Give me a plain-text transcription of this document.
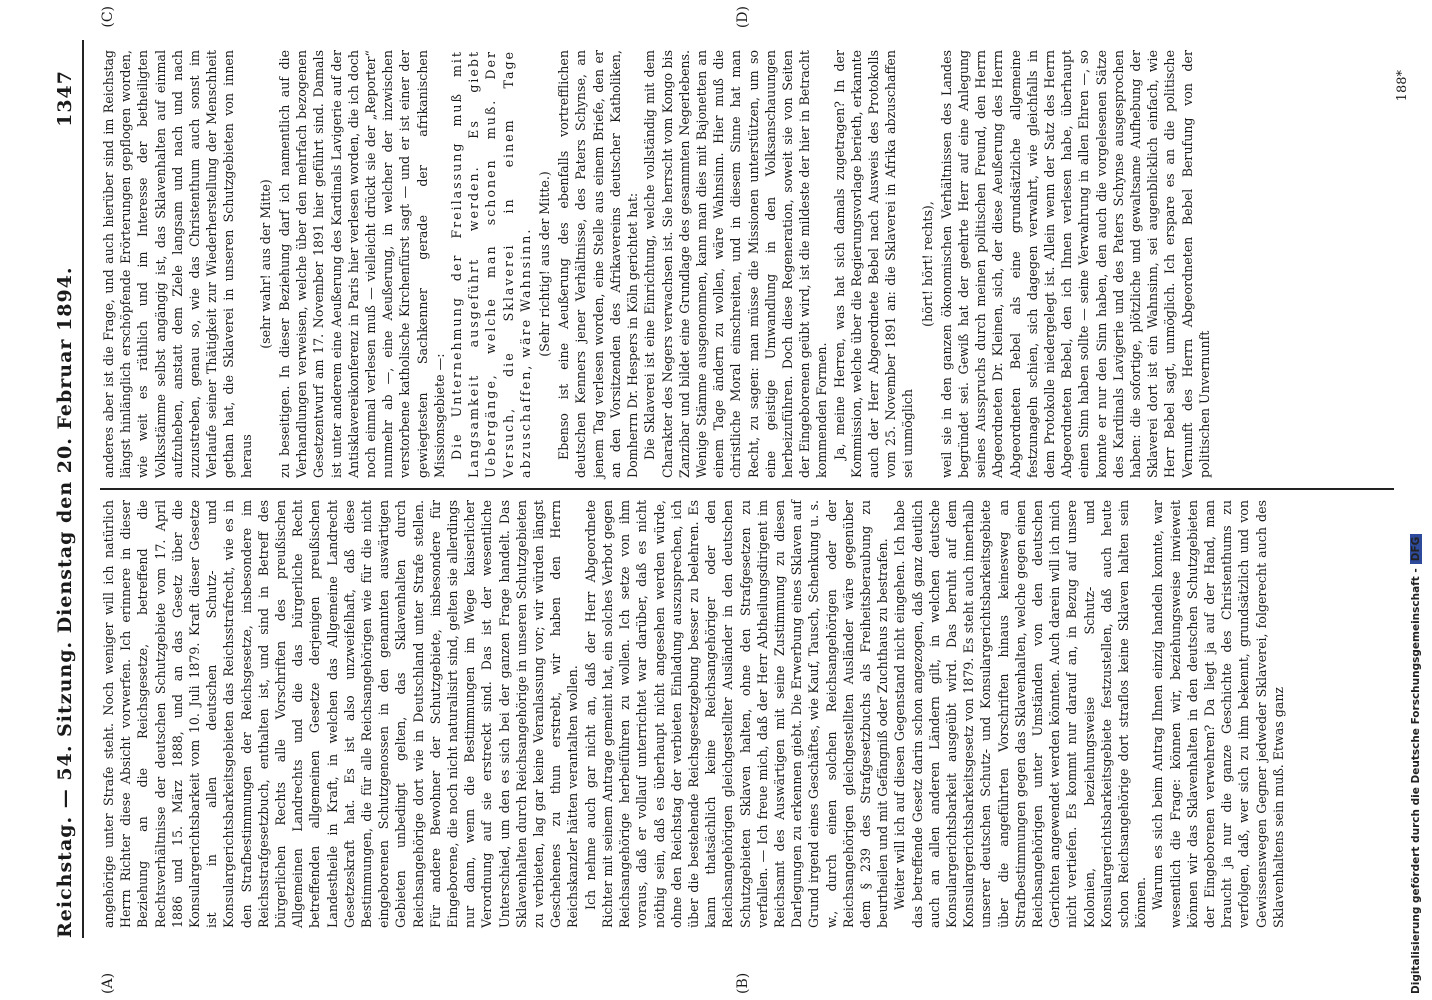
Reichstag. — 54. Sitzung. Dienstag den 20. Februar 1894.
1347
(A)	(B)
(C)	(D)

angehörige unter Strafe steht. Noch weniger will ich natürlich Herrn Richter diese Absicht vorwerfen. Ich erinnere in dieser Beziehung an die Reichsgesetze, betreffend die Rechtsverhältnisse der deutschen Schutzgebiete vom 17. April 1886 und 15. März 1888, und an das Gesetz über die Konsulargerichtsbarkeit vom 10. Juli 1879. Kraft dieser Gesetze ist in allen deutschen Schutz- und Konsulargerichtsbarkeitsgebieten das Reichsstrafrecht, wie es in den Strafbestimmungen der Reichsgesetze, insbesondere im Reichsstrafgesetzbuch, enthalten ist, und sind in Betreff des bürgerlichen Rechts alle Vorschriften des preußischen Allgemeinen Landrechts und die das bürgerliche Recht betreffenden allgemeinen Gesetze derjenigen preußischen Landestheile in Kraft, in welchen das Allgemeine Landrecht Gesetzeskraft hat. Es ist also unzweifelhaft, daß diese Bestimmungen, die für alle Reichsangehörigen wie für die nicht eingeborenen Schutzgenossen in den genannten auswärtigen Gebieten unbedingt gelten, das Sklavenhalten durch Reichsangehörige dort wie in Deutschland unter Strafe stellen. Für andere Bewohner der Schutzgebiete, insbesondere für Eingeborene, die noch nicht naturalisirt sind, gelten sie allerdings nur dann, wenn die Bestimmungen im Wege kaiserlicher Verordnung auf sie erstreckt sind. Das ist der wesentliche Unterschied, um den es sich bei der ganzen Frage handelt. Das Sklavenhalten durch Reichsangehörige in unseren Schutzgebieten zu verbieten, lag gar keine Veranlassung vor; wir würden längst Geschehenes zu thun erstrebt, wir haben den Herrn Reichskanzler hätten verantalten wollen. Ich nehme auch gar nicht an, daß der Herr Abgeordnete Richter mit seinem Antrage gemeint hat, ein solches Verbot gegen Reichsangehörige herbeiführen zu wollen. Ich setze von ihm voraus, daß er vollauf unterrichtet war darüber, daß es nicht nöthig sein, daß es überhaupt nicht angesehen werden würde, ohne den Reichstag der verbieten Einladung auszusprechen, ich über die bestehende Reichsgesetzgebung besser zu belehren. Es kann thatsächlich keine Reichsangehöriger oder den Reichsangehörigen gleichgestellter Ausländer in den deutschen Schutzgebieten Sklaven halten, ohne den Strafgesetzen zu verfallen. — Ich freue mich, daß der Herr Abtheilungsdirigent im Reichsamt des Auswärtigen mit seine Zustimmung zu diesen Darlegungen zu erkennen giebt. Die Erwerbung eines Sklaven auf Grund irgend eines Geschäftes, wie Kauf, Tausch, Schenkung u. s. w., durch einen solchen Reichsangehörigen oder der Reichsangehörigen gleichgestellten Ausländer wäre gegenüber dem § 239 des Strafgesetzbuchs als Freiheitsberaubung zu beurtheilen und mit Gefängniß oder Zuchthaus zu bestrafen. Weiter will ich auf diesen Gegenstand nicht eingehen. Ich habe das betreffende Gesetz darin schon angezogen, daß ganz deutlich auch an allen anderen Ländern gilt, in welchen deutsche Konsulargerichtsbarkeit ausgeübt wird. Das beruht auf dem Konsulargerichtsbarkeitsgesetz von 1879. Es steht auch innerhalb unserer deutschen Schutz- und Konsulargerichtsbarkeitsgebiete über die angeführten Vorschriften hinaus keinesweg an Strafbestimmungen gegen das Sklavenhalten, welche gegen einen Reichsangehörigen unter Umständen von den deutschen Gerichten angewendet werden könnten. Auch darein will ich mich nicht vertiefen. Es kommt nur darauf an, in Bezug auf unsere Kolonien, beziehungsweise Schutz- und Konsulargerichtsbarkeitsgebiete festzustellen, daß auch heute schon Reichsangehörige dort straflos keine Sklaven halten sein können. Warum es sich beim Antrag Ihnen einzig handeln konnte, war wesentlich die Frage: können wir, beziehungsweise inwieweit können wir das Sklavenhalten in den deutschen Schutzgebieten der Eingeborenen verwehren? Da liegt ja auf der Hand, man braucht ja nur die ganze Geschichte des Christenthums zu verfolgen, daß, wer sich zu ihm bekennt, grundsätzlich und von Gewissenswegen Gegner jedweder Sklaverei, folgerecht auch des Sklavenhaltens sein muß. Etwas ganz

anderes aber ist die Frage, und auch hierüber sind im Reichstag längst hinlänglich erschöpfende Erörterungen gepflogen worden, wie weit es räthlich und im Interesse der betheiligten Volksstämme selbst angängig ist, das Sklavenhalten auf einmal aufzuheben, anstatt dem Ziele langsam und nach und nach zuzustreben, genau so, wie das Christenthum auch sonst im Verlaufe seiner Thätigkeit zur Wiederherstellung der Menschheit gethan hat, die Sklaverei in unseren Schutzgebieten von innen heraus

(sehr wahr! aus der Mitte) zu beseitigen. In dieser Beziehung darf ich namentlich auf die Verhandlungen verweisen, welche über den mehrfach bezogenen Gesetzentwurf am 17. November 1891 hier geführt sind. Damals ist unter anderem eine Aeußerung des Kardinals Lavigerie auf der Antisklavereikonferenz in Paris hier verlesen worden, die ich doch noch einmal verlesen muß — vielleicht drückt sie der „Reporter“ nunmehr ab —, eine Aeußerung, in welcher der inzwischen verstorbene katholische Kirchenfürst sagt — und er ist einer der gewiegtesten Sachkenner gerade der afrikanischen Missionsgebiete —: Die Unternehmung der Freilassung muß mit Langsamkeit ausgeführt werden. Es giebt Uebergänge, welche man schonen muß. Der Versuch, die Sklaverei in einem Tage abzuschaffen, wäre Wahnsinn. (Sehr richtig! aus der Mitte.) Ebenso ist eine Aeußerung des ebenfalls vortrefflichen deutschen Kenners jener Verhältnisse, des Paters Schynse, an jenem Tag verlesen worden, eine Stelle aus einem Briefe, den er an den Vorsitzenden des Afrikavereins deutscher Katholiken, Domherrn Dr. Hespers in Köln gerichtet hat: Die Sklaverei ist eine Einrichtung, welche vollständig mit dem Charakter des Negers verwachsen ist. Sie herrscht vom Kongo bis Zanzibar und bildet eine Grundlage des gesammten Negerlebens. Wenige Stämme ausgenommen, kann man dies mit Bajonetten an einem Tage ändern zu wollen, wäre Wahnsinn. Hier muß die christliche Moral einschreiten, und in diesem Sinne hat man Recht, zu sagen: man müsse die Missionen unterstützen, um so eine geistige Umwandlung in den Volksanschauungen herbeizuführen. Doch diese Regeneration, soweit sie von Seiten der Eingeborenen geübt wird, ist die mildeste der hier in Betracht kommenden Formen. Ja, meine Herren, was hat sich damals zugetragen? In der Kommission, welche über die Regierungsvorlage berieth, erkannte auch der Herr Abgeordnete Bebel nach Ausweis des Protokolls vom 25. November 1891 an: die Sklaverei in Afrika abzuschaffen sei unmöglich

(hört! hört! rechts), weil sie in den ganzen ökonomischen Verhältnissen des Landes begründet sei. Gewiß hat der geehrte Herr auf eine Anlegung seines Ausspruchs durch meinen politischen Freund, den Herrn Abgeordneten Dr. Kleinen, sich, der diese Aeußerung des Herrn Abgeordneten Bebel als eine grundsätzliche allgemeine festzunageln schien, sich dagegen verwahrt, wie gleichfalls in dem Protokolle niedergelegt ist. Allein wenn der Satz des Herrn Abgeordneten Bebel, den ich Ihnen verlesen habe, überhaupt einen Sinn haben sollte — seine Verwahrung in allen Ehren —, so konnte er nur den Sinn haben, den auch die vorgelesenen Sätze des Kardinals Lavigerie und des Paters Schynse ausgesprochen haben: die sofortige, plötzliche und gewaltsame Aufhebung der Sklaverei dort ist ein Wahnsinn, sei augenblicklich einfach, wie Herr Bebel sagt, unmöglich. Ich erspare es an die politische Vernunft des Herrn Abgeordneten Bebel Berufung von der politischen Unvernunft

188*
Digitalisierung gefördert durch die Deutsche Forschungsgemeinschaft -DFG
